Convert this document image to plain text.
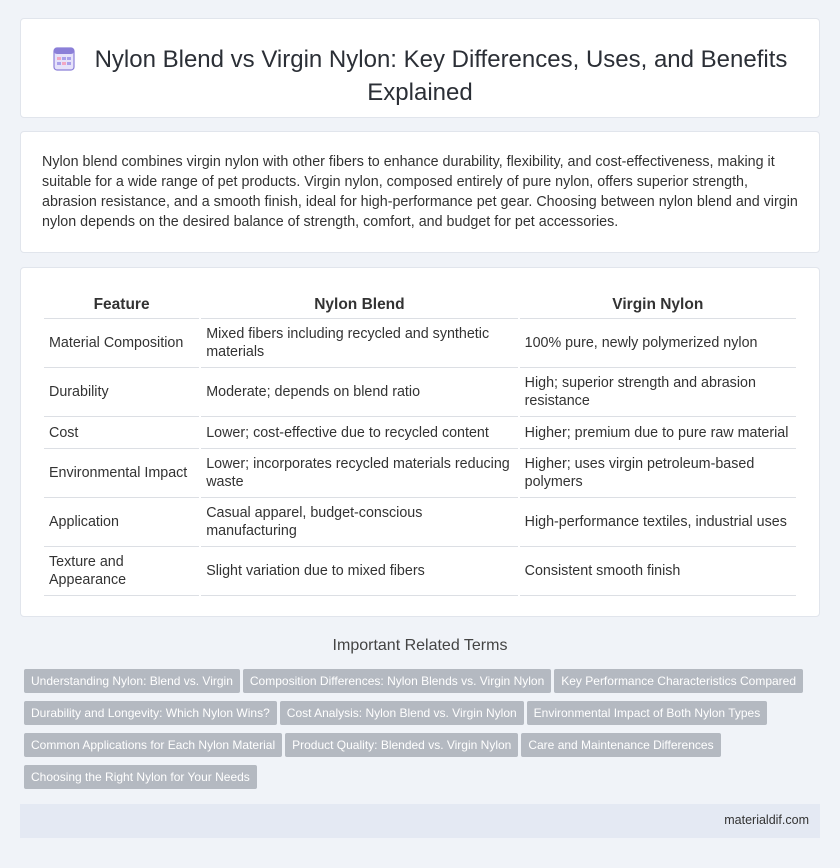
Nylon Blend vs Virgin Nylon: Key Differences, Uses, and Benefits Explained

Nylon blend combines virgin nylon with other fibers to enhance durability, flexibility, and cost-effectiveness, making it suitable for a wide range of pet products. Virgin nylon, composed entirely of pure nylon, offers superior strength, abrasion resistance, and a smooth finish, ideal for high-performance pet gear. Choosing between nylon blend and virgin nylon depends on the desired balance of strength, comfort, and budget for pet accessories.

Feature	Nylon Blend	Virgin Nylon
Material Composition	Mixed fibers including recycled and synthetic materials	100% pure, newly polymerized nylon
Durability	Moderate; depends on blend ratio	High; superior strength and abrasion resistance
Cost	Lower; cost-effective due to recycled content	Higher; premium due to pure raw material
Environmental Impact	Lower; incorporates recycled materials reducing waste	Higher; uses virgin petroleum-based polymers
Application	Casual apparel, budget-conscious manufacturing	High-performance textiles, industrial uses
Texture and Appearance	Slight variation due to mixed fibers	Consistent smooth finish
Important Related Terms
Understanding Nylon: Blend vs. Virgin Composition Differences: Nylon Blends vs. Virgin Nylon Key Performance Characteristics Compared
Durability and Longevity: Which Nylon Wins? Cost Analysis: Nylon Blend vs. Virgin Nylon Environmental Impact of Both Nylon Types
Common Applications for Each Nylon Material Product Quality: Blended vs. Virgin Nylon Care and Maintenance Differences
Choosing the Right Nylon for Your Needs
materialdif.com
